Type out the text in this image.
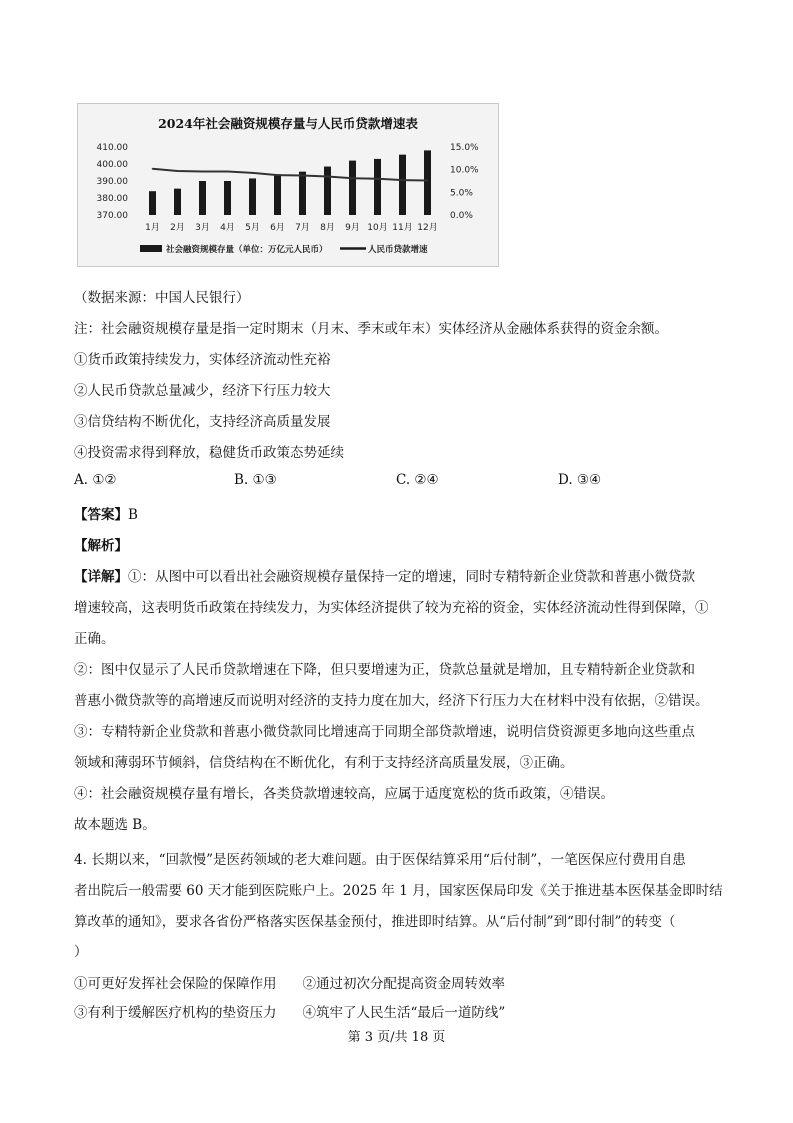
2024年社会融资规模存量与人民币贷款增速表
370.00
380.00
390.00
400.00
410.00
0.0%
5.0%
10.0%
15.0%
1月 2月 3月 4月 5月 6月 7月 8月 9月 10月 11月 12月
社会融资规模存量（单位：万亿元人民币）	人民币贷款增速
（数据来源：中国人民银行）
注：社会融资规模存量是指一定时期末（月末、季末或年末）实体经济从金融体系获得的资金余额。
①货币政策持续发力，实体经济流动性充裕
②人民币贷款总量减少，经济下行压力较大
③信贷结构不断优化，支持经济高质量发展
④投资需求得到释放，稳健货币政策态势延续
A. ①②	B. ①③	C. ②④	D. ③④
【答案】B
【解析】
【详解】①：从图中可以看出社会融资规模存量保持一定的增速，同时专精特新企业贷款和普惠小微贷款
增速较高，这表明货币政策在持续发力，为实体经济提供了较为充裕的资金，实体经济流动性得到保障，①
正确。
②：图中仅显示了人民币贷款增速在下降，但只要增速为正，贷款总量就是增加，且专精特新企业贷款和
普惠小微贷款等的高增速反而说明对经济的支持力度在加大，经济下行压力大在材料中没有依据，②错误。
③：专精特新企业贷款和普惠小微贷款同比增速高于同期全部贷款增速，说明信贷资源更多地向这些重点
领域和薄弱环节倾斜，信贷结构在不断优化，有利于支持经济高质量发展，③正确。
④：社会融资规模存量有增长，各类贷款增速较高，应属于适度宽松的货币政策，④错误。
故本题选 B。
4. 长期以来，“回款慢”是医药领域的老大难问题。由于医保结算采用“后付制”，一笔医保应付费用自患
者出院后一般需要 60 天才能到医院账户上。2025 年 1 月，国家医保局印发《关于推进基本医保基金即时结
算改革的通知》，要求各省份严格落实医保基金预付，推进即时结算。从“后付制”到“即付制”的转变（
）
①可更好发挥社会保险的保障作用 ②通过初次分配提高资金周转效率
③有利于缓解医疗机构的垫资压力 ④筑牢了人民生活“最后一道防线”
第 3 页/共 18 页
